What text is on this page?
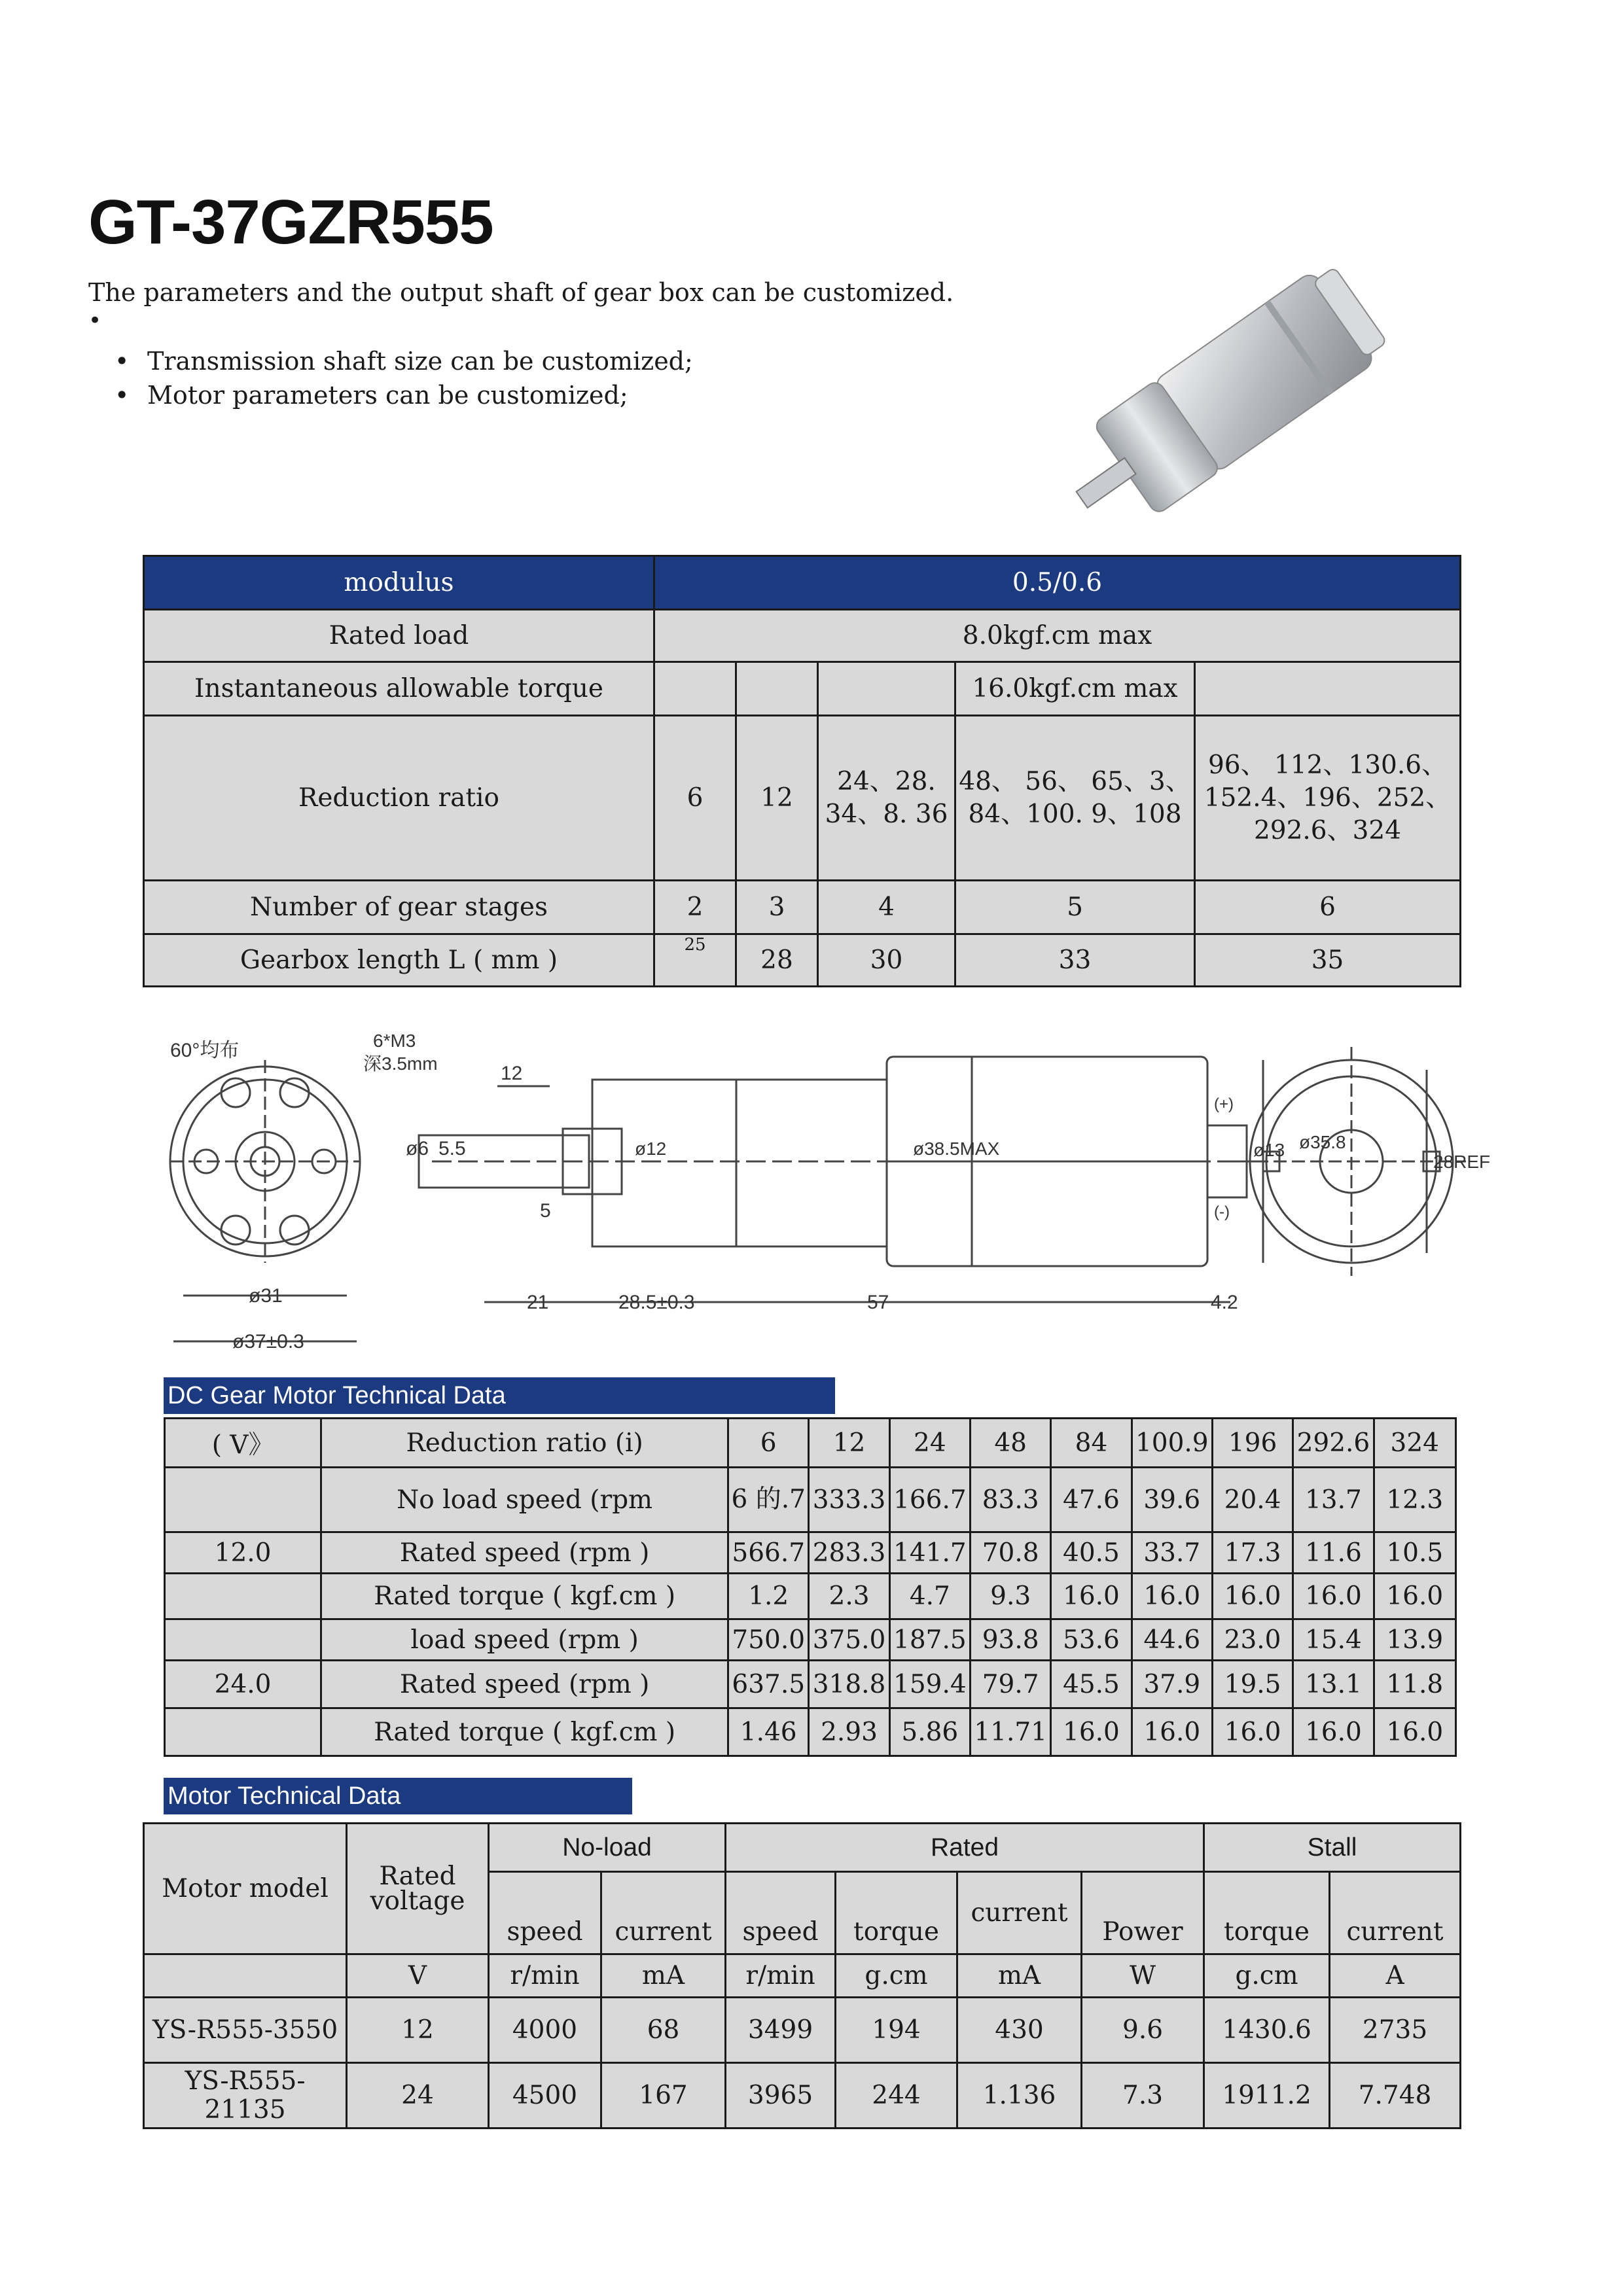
GT-37GZR555
The parameters and the output shaft of gear box can be customized.
•
• Transmission shaft size can be customized;
• Motor parameters can be customized;
modulus	0.5/0.6				
Rated load	8.0kgf.cm max				
Instantaneous allowable torque				16.0kgf.cm max	
Reduction ratio	6	12	24、28. 34、8. 36	48、 56、 65、3、 84、100. 9、108	96、 112、130.6、 152.4、196、252、 292.6、324
Number of gear stages	2	3	4	5	6
Gearbox length L ( mm )	25	28	30	33	35
60°均布	6*M3
深3.5mm	12
ø6 5.5	ø12	ø38.5MAX	ø13 ø35.8
28REF
(+)
(-)
5
ø31
ø37±0.3
21	28.5±0.3	57	4.2
DC Gear Motor Technical Data
( V》	Reduction ratio (i)	6	12	24	48	84	100.9	196	292.6	324
	No load speed (rpm	6 的.7	333.3	166.7	83.3	47.6	39.6	20.4	13.7	12.3
12.0	Rated speed (rpm )	566.7	283.3	141.7	70.8	40.5	33.7	17.3	11.6	10.5
	Rated torque ( kgf.cm )	1.2	2.3	4.7	9.3	16.0	16.0	16.0	16.0	16.0
	load speed (rpm )	750.0	375.0	187.5	93.8	53.6	44.6	23.0	15.4	13.9
24.0	Rated speed (rpm )	637.5	318.8	159.4	79.7	45.5	37.9	19.5	13.1	11.8
	Rated torque ( kgf.cm )	1.46	2.93	5.86	11.71	16.0	16.0	16.0	16.0	16.0
Motor Technical Data
Motor model	Rated voltage	No-load		Rated				Stall	
		speed	current	speed	torque	current	Power	torque	current
	V	r/min	mA	r/min	g.cm	mA	W	g.cm	A
YS-R555-3550	12	4000	68	3499	194	430	9.6	1430.6	2735
YS-R555-21135	24	4500	167	3965	244	1.136	7.3	1911.2	7.748
